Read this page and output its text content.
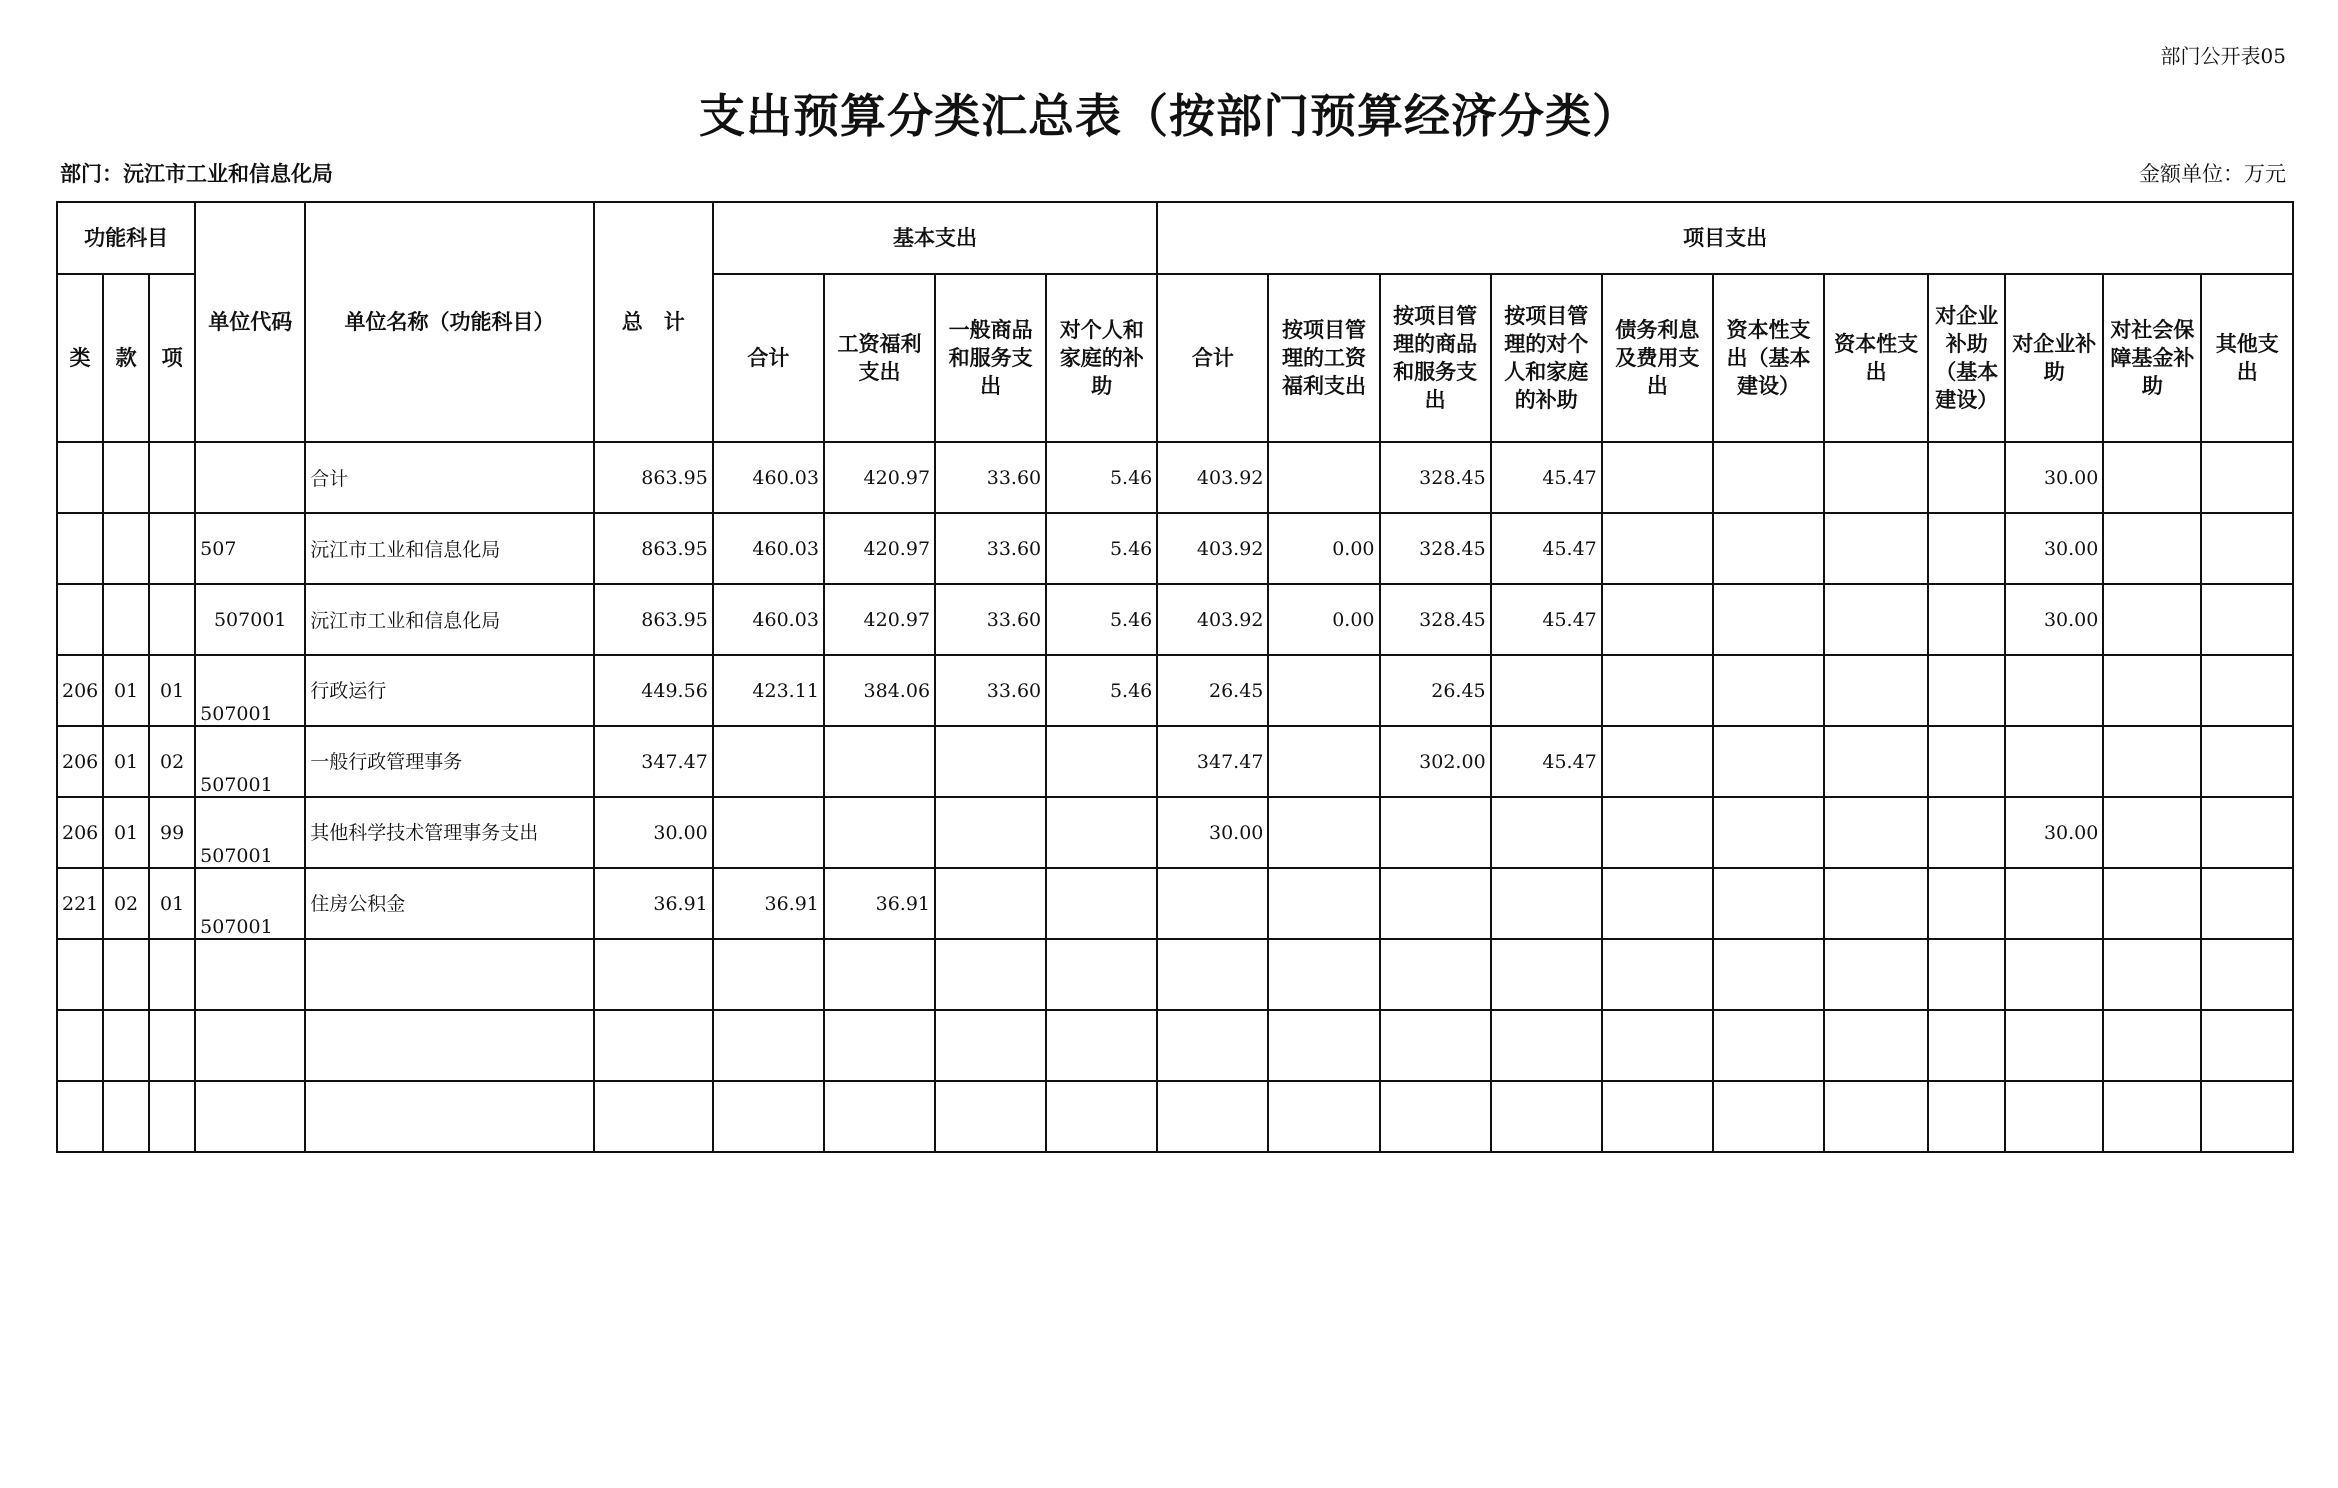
部门公开表05
支出预算分类汇总表（按部门预算经济分类）
部门：沅江市工业和信息化局	金额单位：万元
功能科目			单位代码	单位名称（功能科目）	总　计	基本支出				项目支出										
类	款	项				合计	工资福利支出	一般商品和服务支出	对个人和家庭的补助	合计	按项目管理的工资福利支出	按项目管理的商品和服务支出	按项目管理的对个人和家庭的补助	债务利息及费用支出	资本性支出（基本建设）	资本性支出	对企业补助（基本建设）	对企业补助	对社会保障基金补助	其他支出
				合计	863.95	460.03	420.97	33.60	5.46	403.92		328.45	45.47					30.00		
			507	沅江市工业和信息化局	863.95	460.03	420.97	33.60	5.46	403.92	0.00	328.45	45.47					30.00		
			507001	沅江市工业和信息化局	863.95	460.03	420.97	33.60	5.46	403.92	0.00	328.45	45.47					30.00		
206	01	01	507001	行政运行	449.56	423.11	384.06	33.60	5.46	26.45		26.45								
206	01	02	507001	一般行政管理事务	347.47					347.47		302.00	45.47							
206	01	99	507001	其他科学技术管理事务支出	30.00					30.00								30.00		
221	02	01	507001	住房公积金	36.91	36.91	36.91													
